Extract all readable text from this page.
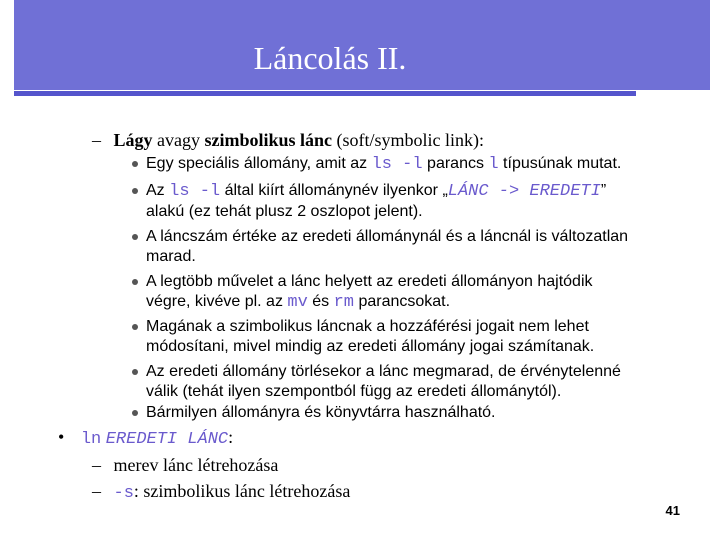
Láncolás II.
– Lágy avagy szimbolikus lánc (soft/symbolic link):
Egy speciális állomány, amit az ls -l parancs l típusúnak mutat.
Az ls -l által kiírt állománynév ilyenkor „LÁNC -> EREDETI”
alakú (ez tehát plusz 2 oszlopot jelent).
A láncszám értéke az eredeti állománynál és a láncnál is változatlan
marad.
A legtöbb művelet a lánc helyett az eredeti állományon hajtódik
végre, kivéve pl. az mv és rm parancsokat.
Magának a szimbolikus láncnak a hozzáférési jogait nem lehet
módosítani, mivel mindig az eredeti állomány jogai számítanak.
Az eredeti állomány törlésekor a lánc megmarad, de érvénytelenné
válik (tehát ilyen szempontból függ az eredeti állománytól).
Bármilyen állományra és könyvtárra használható.
• ln EREDETI LÁNC:
– merev lánc létrehozása
– -s: szimbolikus lánc létrehozása
41
